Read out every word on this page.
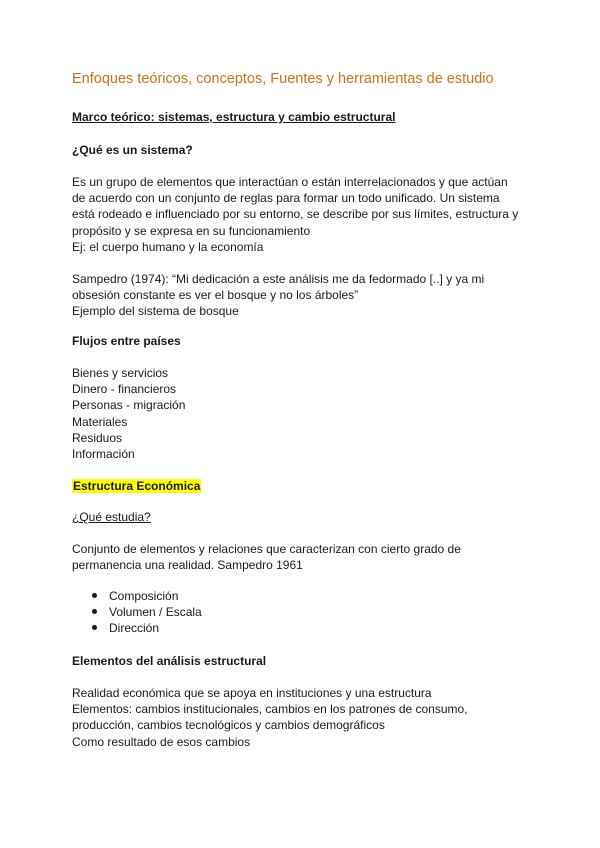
Enfoques teóricos, conceptos, Fuentes y herramientas de estudio
Marco teórico: sistemas, estructura y cambio estructural
¿Qué es un sistema?
Es un grupo de elementos que interactúan o están interrelacionados y que actúan
de acuerdo con un conjunto de reglas para formar un todo unificado. Un sistema
está rodeado e influenciado por su entorno, se describe por sus límites, estructura y
propósito y se expresa en su funcionamiento
Ej: el cuerpo humano y la economía
Sampedro (1974): “Mi dedicación a este análisis me da fedormado [..] y ya mi
obsesión constante es ver el bosque y no los árboles”
Ejemplo del sistema de bosque
Flujos entre países
Bienes y servicios
Dinero - financieros
Personas - migración
Materiales
Residuos
Información
Estructura Económica
¿Qué estudia?
Conjunto de elementos y relaciones que caracterizan con cierto grado de
permanencia una realidad. Sampedro 1961
Composición
Volumen / Escala
Dirección
Elementos del análisis estructural
Realidad económica que se apoya en instituciones y una estructura
Elementos: cambios institucionales, cambios en los patrones de consumo,
producción, cambios tecnológicos y cambios demográficos
Como resultado de esos cambios
